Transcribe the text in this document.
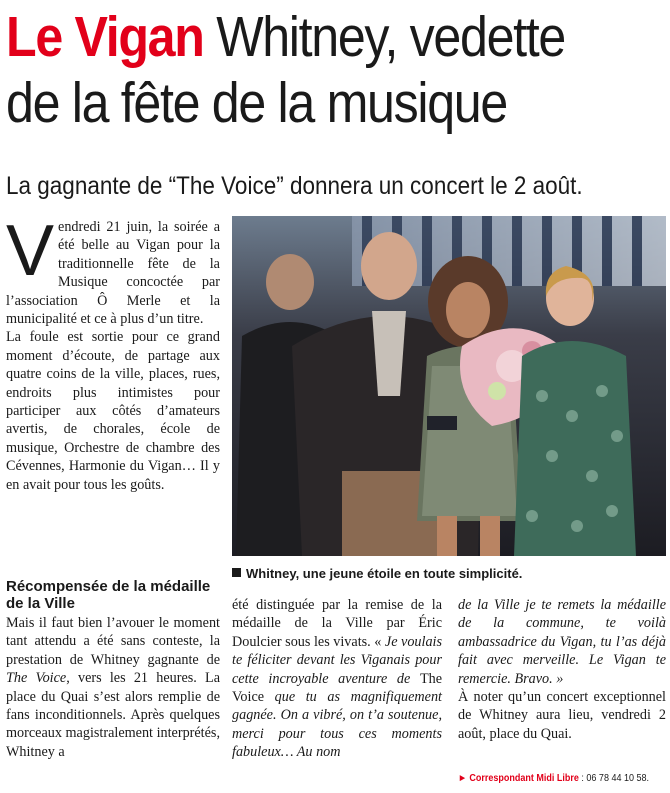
Le Vigan Whitney, vedette
de la fête de la musique
La gagnante de “The Voice” donnera un concert le 2 août.
V endredi 21 juin, la soirée a été belle au Vigan pour la traditionnelle fête de la Musique concoctée par l’association Ô Merle et la municipalité et ce à plus d’un titre.

La foule est sortie pour ce grand moment d’écoute, de partage aux quatre coins de la ville, places, rues, endroits plus intimistes pour participer aux côtés d’amateurs avertis, de chorales, école de musique, Orchestre de chambre des Cévennes, Harmonie du Vigan… Il y en avait pour tous les goûts.

Récompensée de la médaille de la Ville

Mais il faut bien l’avouer le moment tant attendu a été sans conteste, la prestation de Whitney gagnante de The Voice, vers les 21 heures. La place du Quai s’est alors remplie de fans inconditionnels. Après quelques morceaux magistralement interprétés, Whitney a

été distinguée par la remise de la médaille de la Ville par Éric Doulcier sous les vivats. « Je voulais te féliciter devant les Viganais pour cette incroyable aventure de The Voice que tu as magnifiquement gagnée. On a vibré, on t’a soutenue, merci pour tous ces moments fabuleux… Au nom

de la Ville je te remets la médaille de la commune, te voilà ambassadrice du Vigan, tu l’as déjà fait avec merveille. Le Vigan te remercie. Bravo. »

À noter qu’un concert exceptionnel de Whitney aura lieu, vendredi 2 août, place du Quai.

► Correspondant Midi Libre : 06 78 44 10 58.
Whitney, une jeune étoile en toute simplicité.
